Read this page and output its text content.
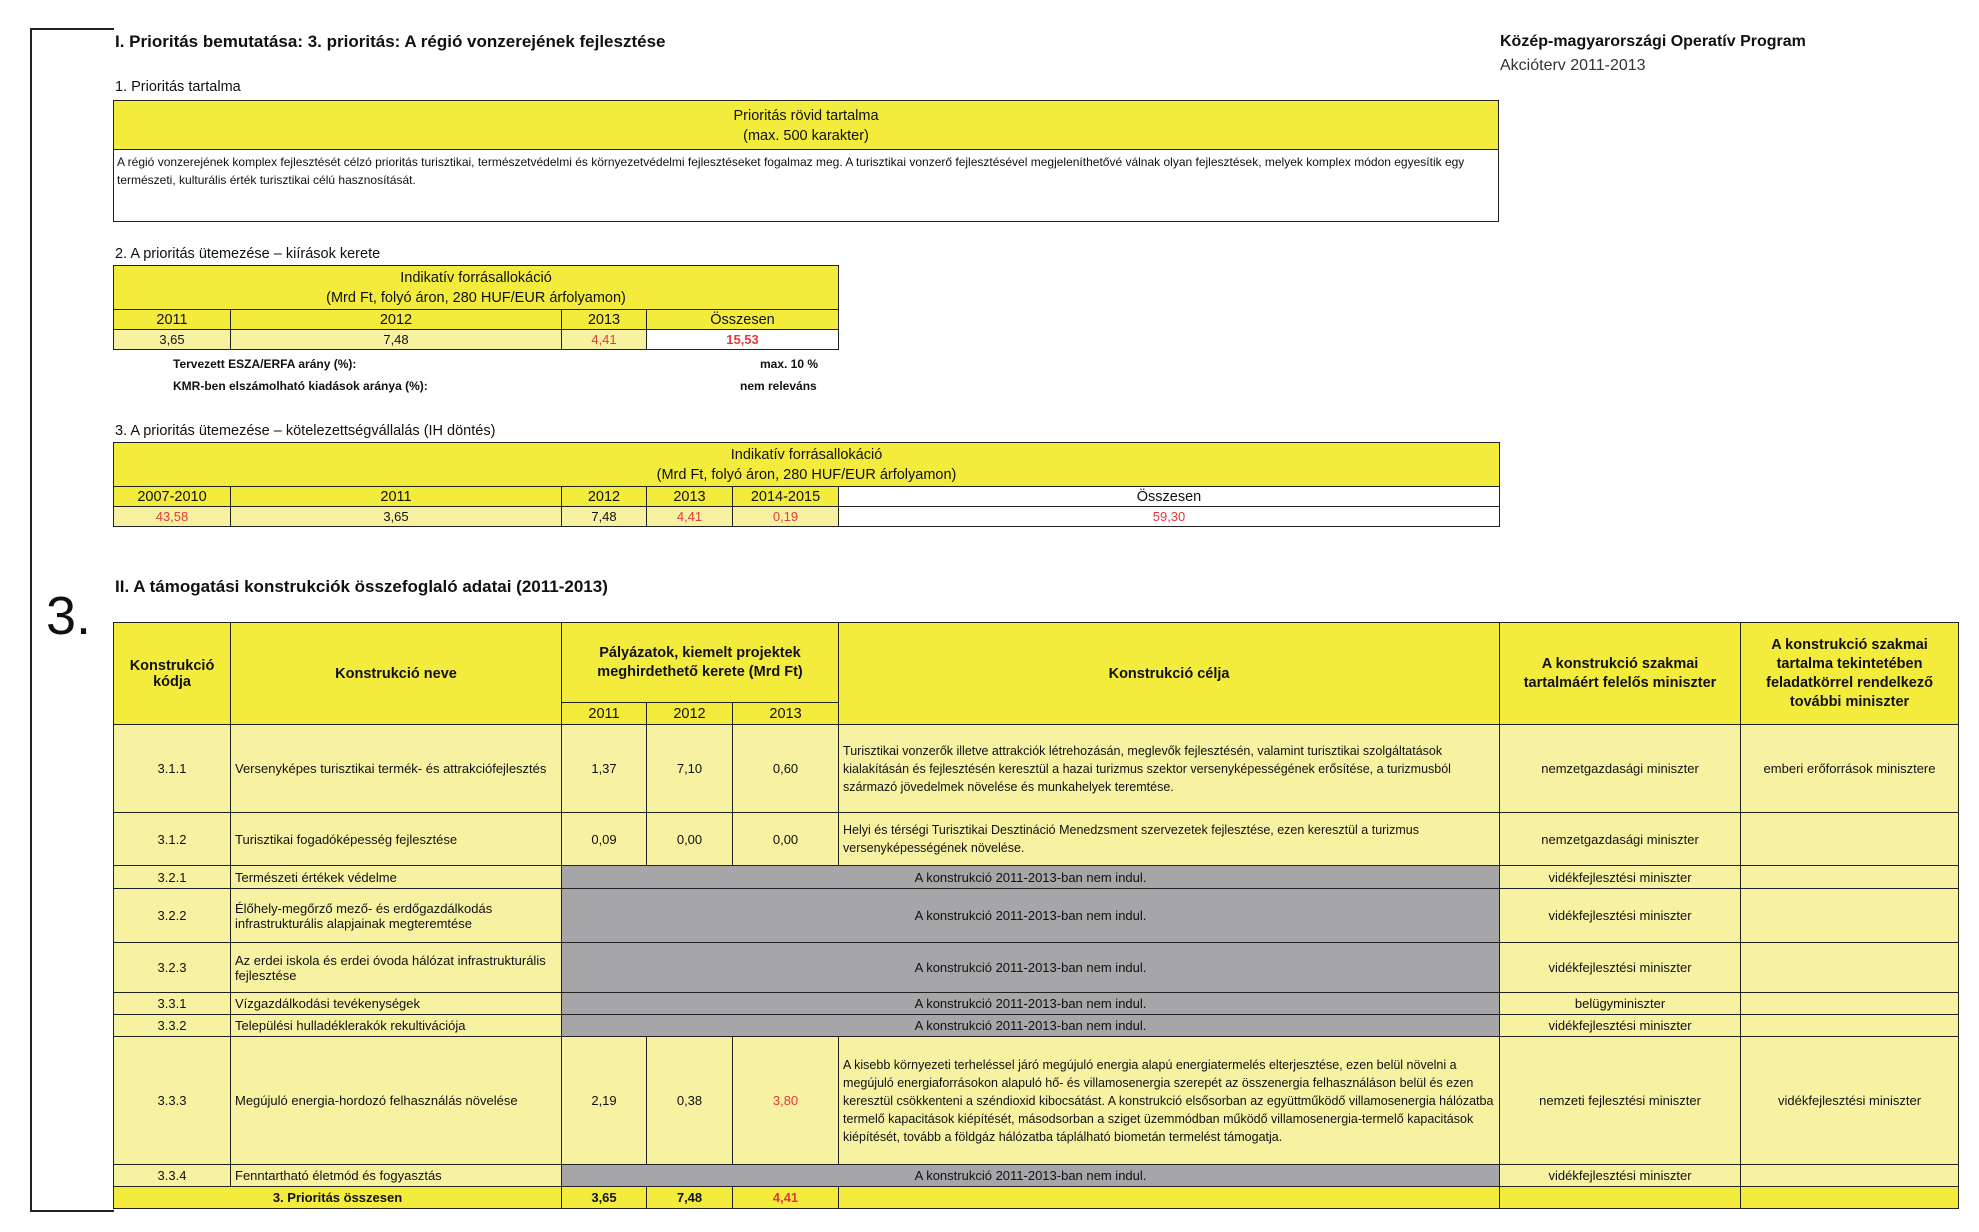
3.
I. Prioritás bemutatása: 3. prioritás: A régió vonzerejének fejlesztése	Közép-magyarországi Operatív Program
Akcióterv 2011-2013
1. Prioritás tartalma
Prioritás rövid tartalma
(max. 500 karakter)
A régió vonzerejének komplex fejlesztését célzó prioritás turisztikai, természetvédelmi és környezetvédelmi fejlesztéseket fogalmaz meg. A turisztikai vonzerő fejlesztésével megjeleníthetővé válnak olyan fejlesztések, melyek komplex módon egyesítik egy természeti, kulturális érték turisztikai célú hasznosítását.
2. A prioritás ütemezése – kiírások kerete
Indikatív forrásallokáció
(Mrd Ft, folyó áron, 280 HUF/EUR árfolyamon)			

2011	2012	2013	Összesen
3,65	7,48	4,41	15,53
Tervezett ESZA/ERFA arány (%):	max. 10 %
KMR-ben elszámolható kiadások aránya (%):	nem releváns
3. A prioritás ütemezése – kötelezettségvállalás (IH döntés)
Indikatív forrásallokáció
(Mrd Ft, folyó áron, 280 HUF/EUR árfolyamon)					

2007-2010	2011	2012	2013	2014-2015	Összesen
43,58	3,65	7,48	4,41	0,19	59,30
II. A támogatási konstrukciók összefoglaló adatai (2011-2013)
Konstrukció kódja	Konstrukció neve	Pályázatok, kiemelt projektek meghirdethető kerete (Mrd Ft)			Konstrukció célja	A konstrukció szakmai tartalmáért felelős miniszter	A konstrukció szakmai tartalma tekintetében feladatkörrel rendelkező további miniszter
		2011	2012	2013			
3.1.1	Versenyképes turisztikai termék- és attrakciófejlesztés	1,37	7,10	0,60	Turisztikai vonzerők illetve attrakciók létrehozásán, meglevők fejlesztésén, valamint turisztikai szolgáltatások kialakításán és fejlesztésén keresztül a hazai turizmus szektor versenyképességének erősítése, a turizmusból származó jövedelmek növelése és munkahelyek teremtése.	nemzetgazdasági miniszter	emberi erőforrások minisztere
3.1.2	Turisztikai fogadóképesség fejlesztése	0,09	0,00	0,00	Helyi és térségi Turisztikai Desztináció Menedzsment szervezetek fejlesztése, ezen keresztül a turizmus versenyképességének növelése.	nemzetgazdasági miniszter	
3.2.1	Természeti értékek védelme	A konstrukció 2011-2013-ban nem indul.				vidékfejlesztési miniszter	
3.2.2	Élőhely-megőrző mező- és erdőgazdálkodás infrastrukturális alapjainak megteremtése	A konstrukció 2011-2013-ban nem indul.				vidékfejlesztési miniszter	
3.2.3	Az erdei iskola és erdei óvoda hálózat infrastrukturális fejlesztése	A konstrukció 2011-2013-ban nem indul.				vidékfejlesztési miniszter	
3.3.1	Vízgazdálkodási tevékenységek	A konstrukció 2011-2013-ban nem indul.				belügyminiszter	
3.3.2	Települési hulladéklerakók rekultivációja	A konstrukció 2011-2013-ban nem indul.				vidékfejlesztési miniszter	
3.3.3	Megújuló energia-hordozó felhasználás növelése	2,19	0,38	3,80	A kisebb környezeti terheléssel járó megújuló energia alapú energiatermelés elterjesztése, ezen belül növelni a megújuló energiaforrásokon alapuló hő- és villamosenergia szerepét az összenergia felhasználáson belül és ezen keresztül csökkenteni a széndioxid kibocsátást. A konstrukció elsősorban az együttműködő villamosenergia hálózatba termelő kapacitások kiépítését, másodsorban a sziget üzemmódban működő villamosenergia-termelő kapacitások kiépítését, tovább a földgáz hálózatba táplálható biometán termelést támogatja.	nemzeti fejlesztési miniszter	vidékfejlesztési miniszter
3.3.4	Fenntartható életmód és fogyasztás	A konstrukció 2011-2013-ban nem indul.				vidékfejlesztési miniszter	
3. Prioritás összesen		3,65	7,48	4,41			
